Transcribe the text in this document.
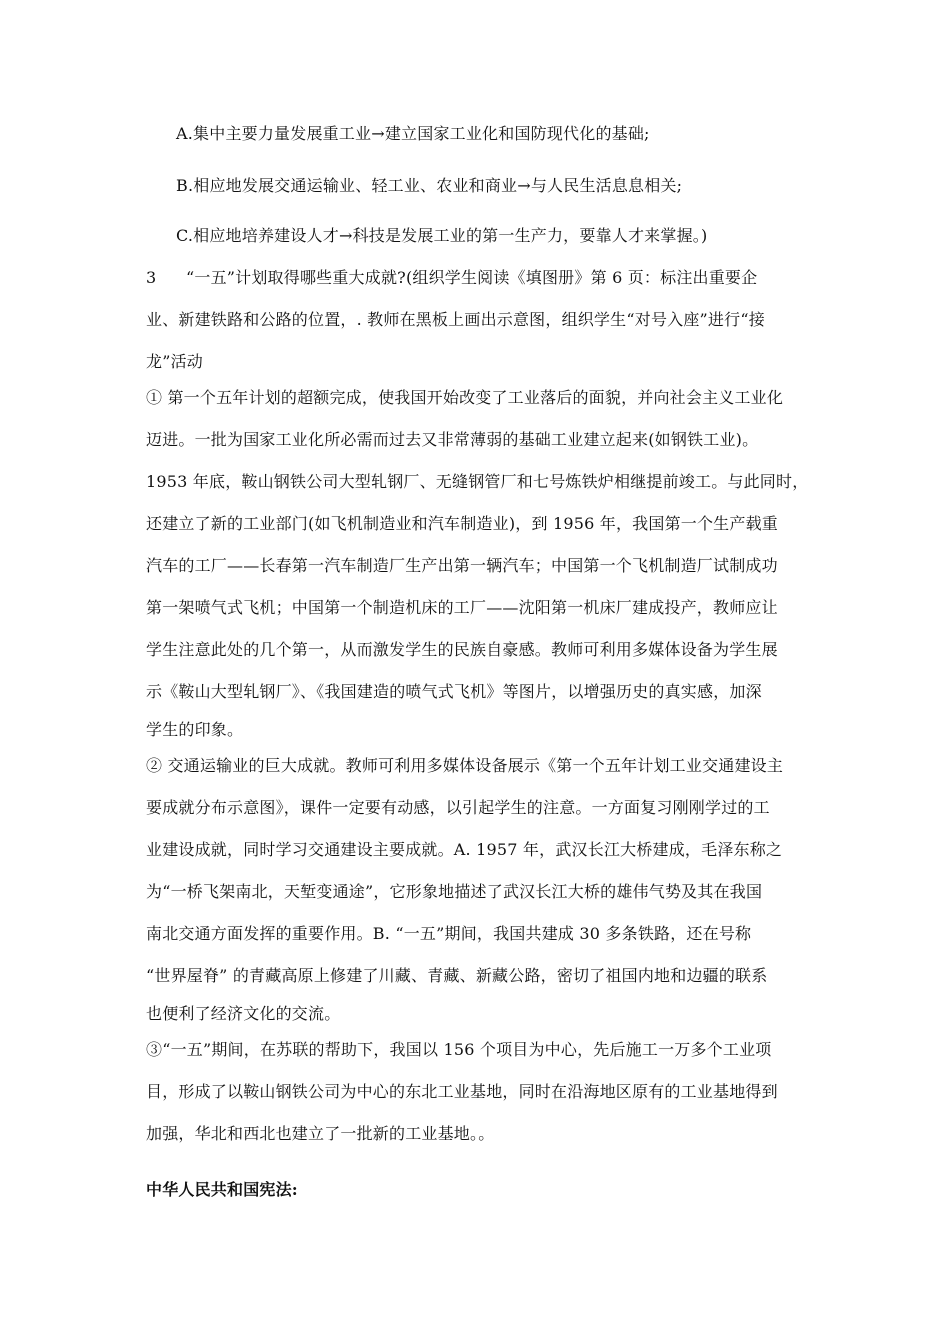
A.集中主要力量发展重工业→建立国家工业化和国防现代化的基础;
B.相应地发展交通运输业、轻工业、农业和商业→与人民生活息息相关;
C.相应地培养建设人才→科技是发展工业的第一生产力，要靠人才来掌握。)
3 “一五”计划取得哪些重大成就?(组织学生阅读《填图册》第 6 页：标注出重要企
业、新建铁路和公路的位置，. 教师在黑板上画出示意图，组织学生“对号入座”进行“接
龙”活动
① 第一个五年计划的超额完成，使我国开始改变了工业落后的面貌，并向社会主义工业化
迈进。一批为国家工业化所必需而过去又非常薄弱的基础工业建立起来(如钢铁工业)。
1953 年底，鞍山钢铁公司大型轧钢厂、无缝钢管厂和七号炼铁炉相继提前竣工。与此同时，
还建立了新的工业部门(如飞机制造业和汽车制造业)，到 1956 年，我国第一个生产载重
汽车的工厂——长春第一汽车制造厂生产出第一辆汽车；中国第一个飞机制造厂试制成功
第一架喷气式飞机；中国第一个制造机床的工厂——沈阳第一机床厂建成投产，教师应让
学生注意此处的几个第一，从而激发学生的民族自豪感。教师可利用多媒体设备为学生展
示《鞍山大型轧钢厂》、《我国建造的喷气式飞机》等图片，以增强历史的真实感，加深
学生的印象。
② 交通运输业的巨大成就。教师可利用多媒体设备展示《第一个五年计划工业交通建设主
要成就分布示意图》，课件一定要有动感，以引起学生的注意。一方面复习刚刚学过的工
业建设成就，同时学习交通建设主要成就。A. 1957 年，武汉长江大桥建成，毛泽东称之
为“一桥飞架南北，天堑变通途”，它形象地描述了武汉长江大桥的雄伟气势及其在我国
南北交通方面发挥的重要作用。B. “一五”期间，我国共建成 30 多条铁路，还在号称
“世界屋脊” 的青藏高原上修建了川藏、青藏、新藏公路，密切了祖国内地和边疆的联系
也便利了经济文化的交流。
③“一五”期间，在苏联的帮助下，我国以 156 个项目为中心，先后施工一万多个工业项
目，形成了以鞍山钢铁公司为中心的东北工业基地，同时在沿海地区原有的工业基地得到
加强，华北和西北也建立了一批新的工业基地。。
中华人民共和国宪法:
